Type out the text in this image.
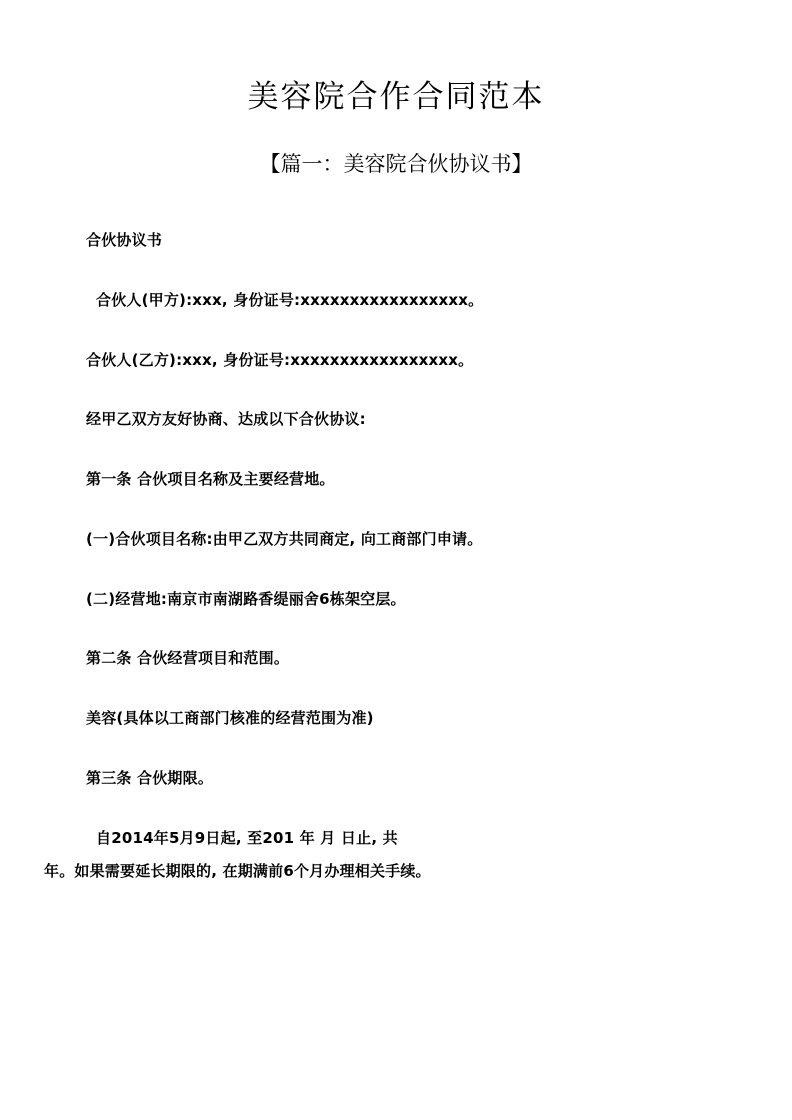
美容院合作合同范本
【篇一：美容院合伙协议书】

合伙协议书

合伙人(甲方):xxx, 身份证号:xxxxxxxxxxxxxxxxx。

合伙人(乙方):xxx, 身份证号:xxxxxxxxxxxxxxxxx。

经甲乙双方友好协商、达成以下合伙协议:

第一条 合伙项目名称及主要经营地。

(一)合伙项目名称:由甲乙双方共同商定, 向工商部门申请。

(二)经营地:南京市南湖路香缇丽舍6栋架空层。

第二条 合伙经营项目和范围。

美容(具体以工商部门核准的经营范围为准)

第三条 合伙期限。

自2014年5月9日起, 至201 年 月 日止, 共

年。如果需要延长期限的, 在期满前6个月办理相关手续。
